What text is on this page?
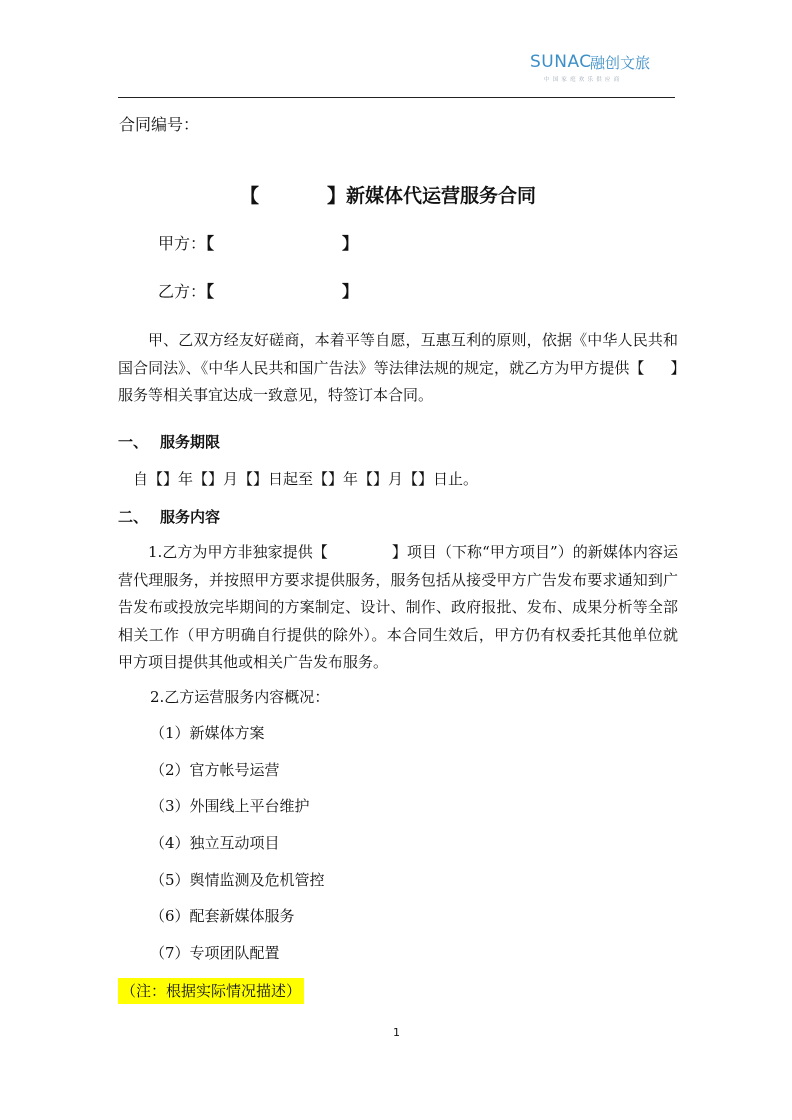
SUNAC
融创文旅
中国家庭欢乐供应商
合同编号：
【	】新媒体代运营服务合同
甲方：【	】
乙方：【	】
甲、乙双方经友好磋商，本着平等自愿，互惠互利的原则，依据《中华人民共和国合同法》、《中华人民共和国广告法》等法律法规的规定，就乙方为甲方提供【 】服务等相关事宜达成一致意见，特签订本合同。
一、 服务期限
自【】年【】月【】日起至【】年【】月【】日止。
二、 服务内容
1.乙方为甲方非独家提供【	】项目（下称“甲方项目”）的新媒体内容运营代理服务，并按照甲方要求提供服务，服务包括从接受甲方广告发布要求通知到广告发布或投放完毕期间的方案制定、设计、制作、政府报批、发布、成果分析等全部相关工作（甲方明确自行提供的除外）。本合同生效后，甲方仍有权委托其他单位就甲方项目提供其他或相关广告发布服务。
2.乙方运营服务内容概况：
（1）新媒体方案
（2）官方帐号运营
（3）外围线上平台维护
（4）独立互动项目
（5）舆情监测及危机管控
（6）配套新媒体服务
（7）专项团队配置
（注：根据实际情况描述）
1
